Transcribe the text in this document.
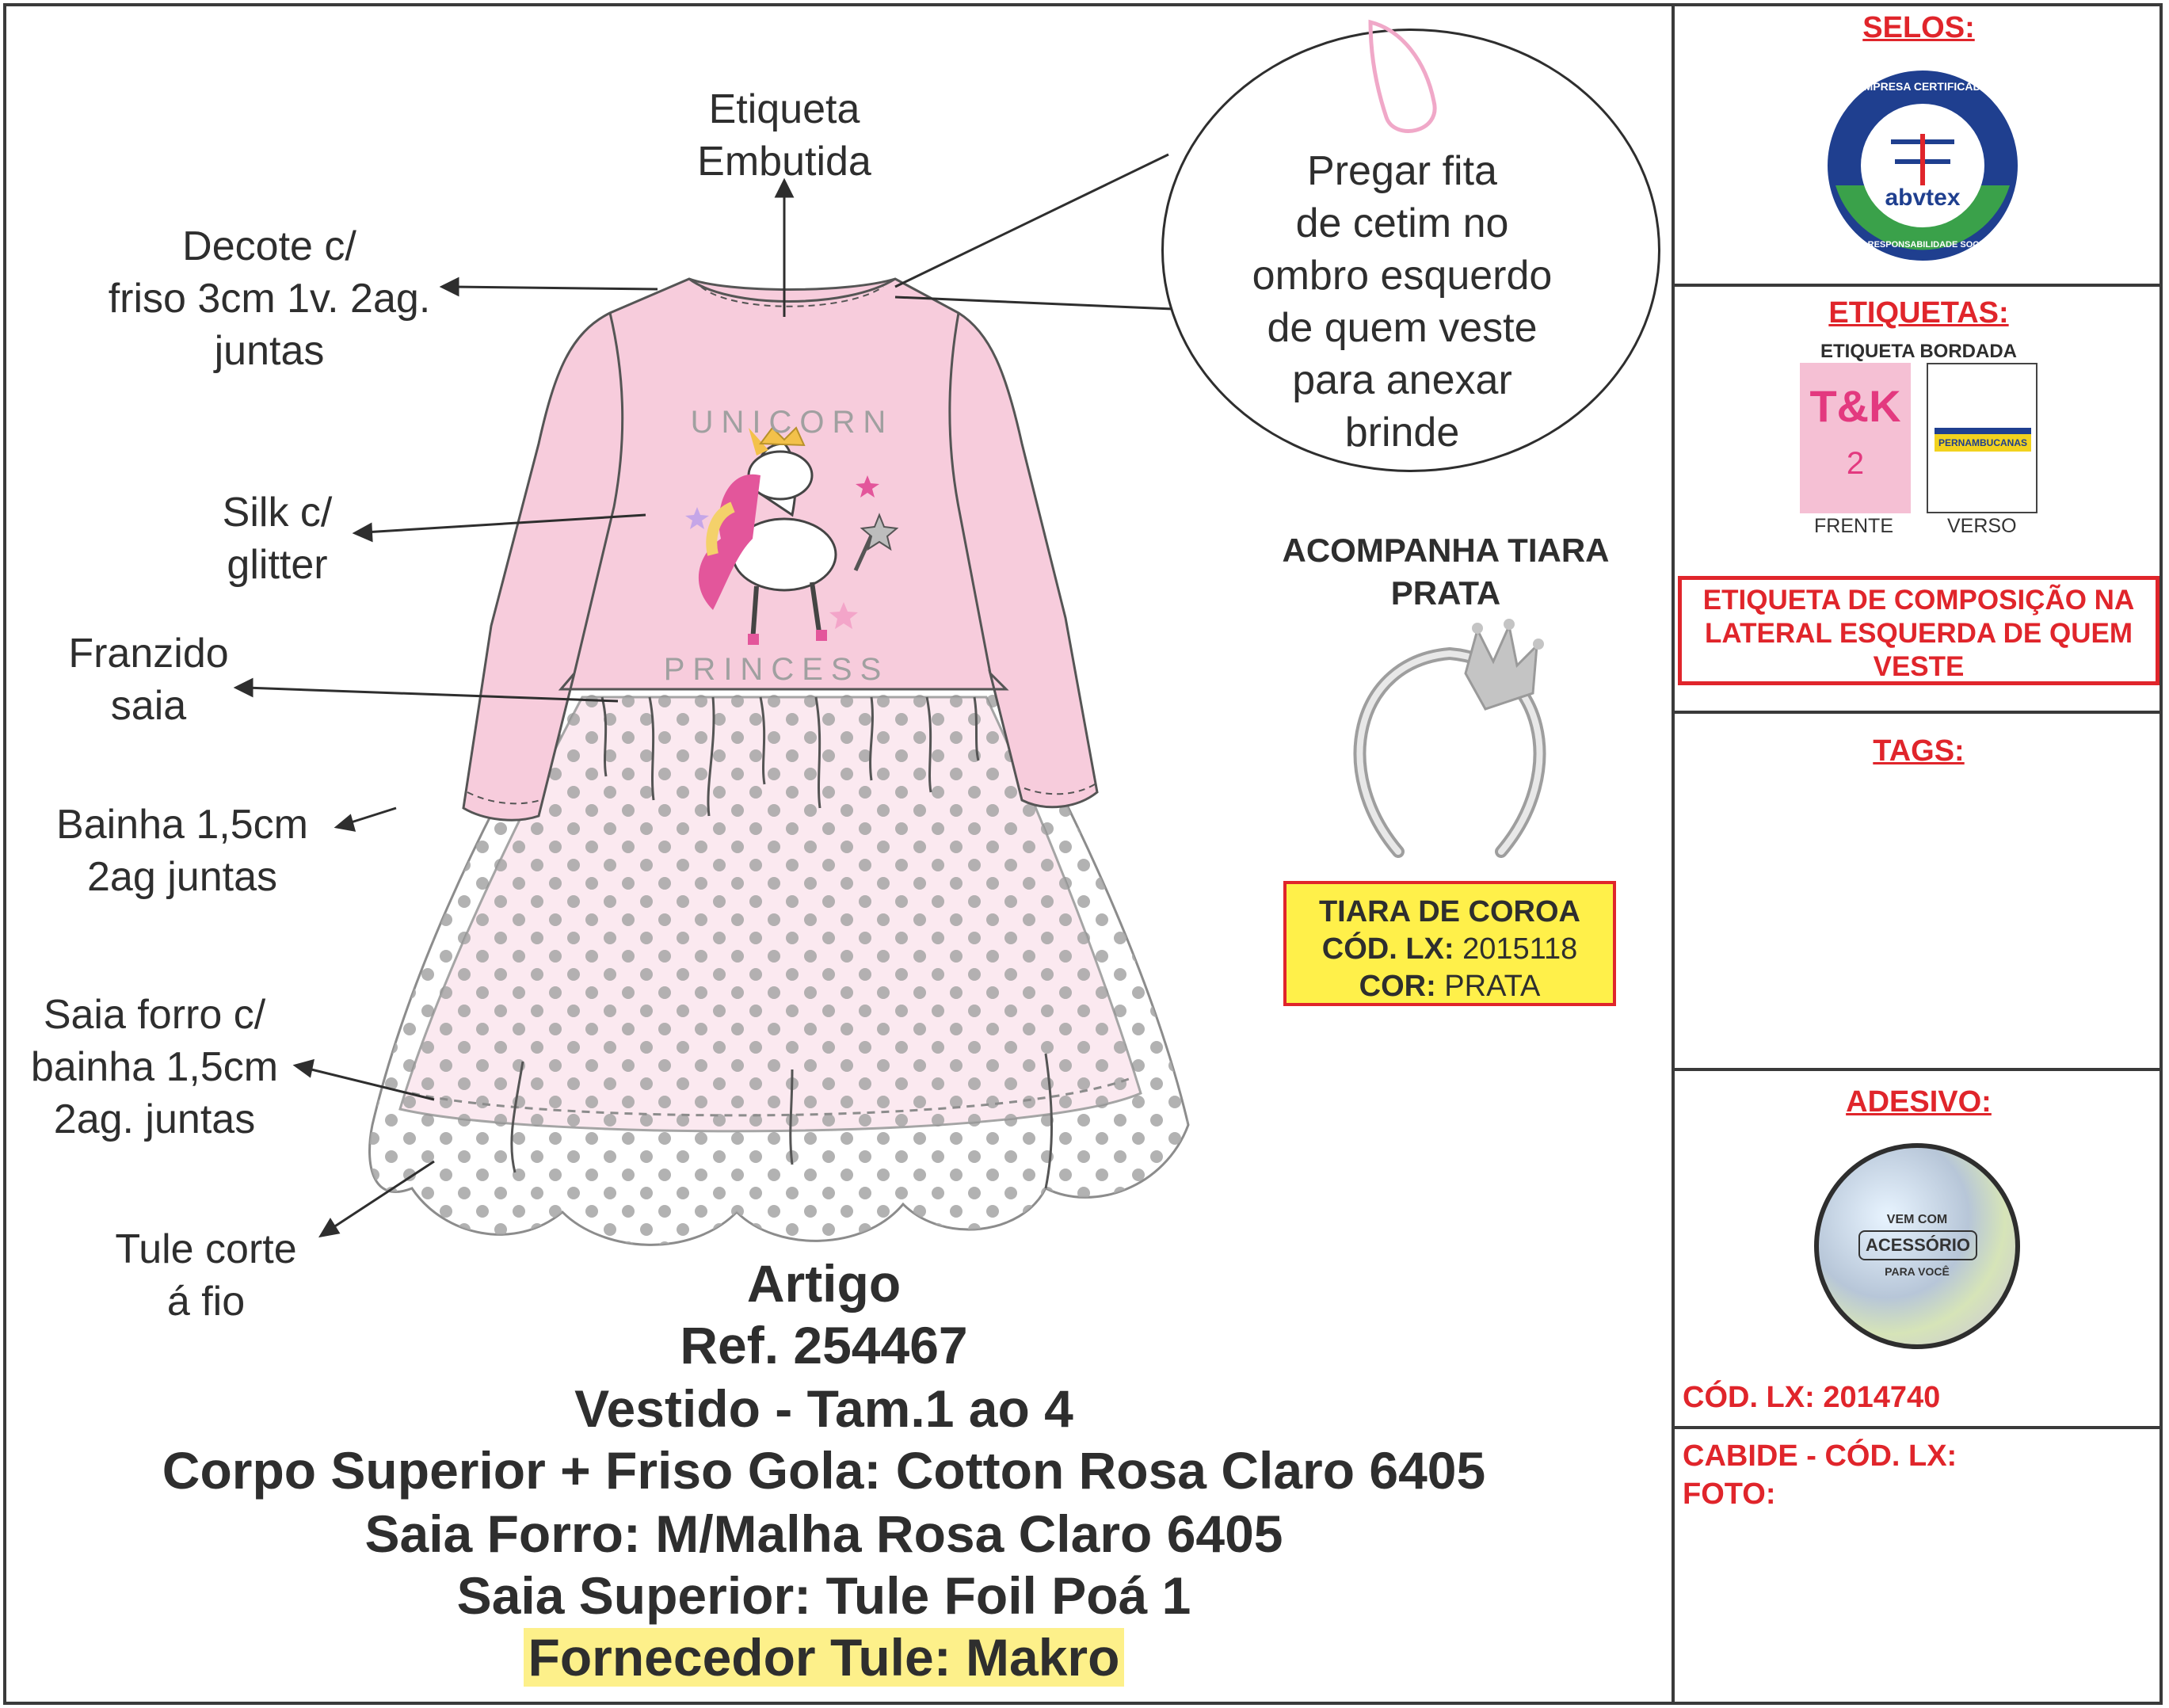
UNICORN
PRINCESS
Etiqueta
Embutida
Decote c/
friso 3cm 1v. 2ag.
juntas
Silk c/
glitter
Franzido
saia
Bainha 1,5cm
2ag juntas
Saia forro c/
bainha 1,5cm
2ag. juntas
Tule corte
á fio
Pregar fita
de cetim no
ombro esquerdo
de quem veste
para anexar
brinde
ACOMPANHA TIARA
PRATA
TIARA DE COROA
CÓD. LX: 2015118
COR: PRATA
Artigo
Ref. 254467
Vestido - Tam.1 ao 4
Corpo Superior + Friso Gola: Cotton Rosa Claro 6405
Saia Forro: M/Malha Rosa Claro 6405
Saia Superior: Tule Foil Poá 1
Fornecedor Tule: Makro
SELOS:
abvtex
EMPRESA CERTIFICADA
EM RESPONSABILIDADE SOCIAL
ETIQUETAS:
ETIQUETA BORDADA
T&K
2
PERNAMBUCANAS
FRENTE	VERSO
ETIQUETA DE COMPOSIÇÃO NA
LATERAL ESQUERDA DE QUEM
VESTE
TAGS:
ADESIVO:
VEM COM
ACESSÓRIO
PARA VOCÊ
CÓD. LX: 2014740
CABIDE - CÓD. LX:
FOTO:
